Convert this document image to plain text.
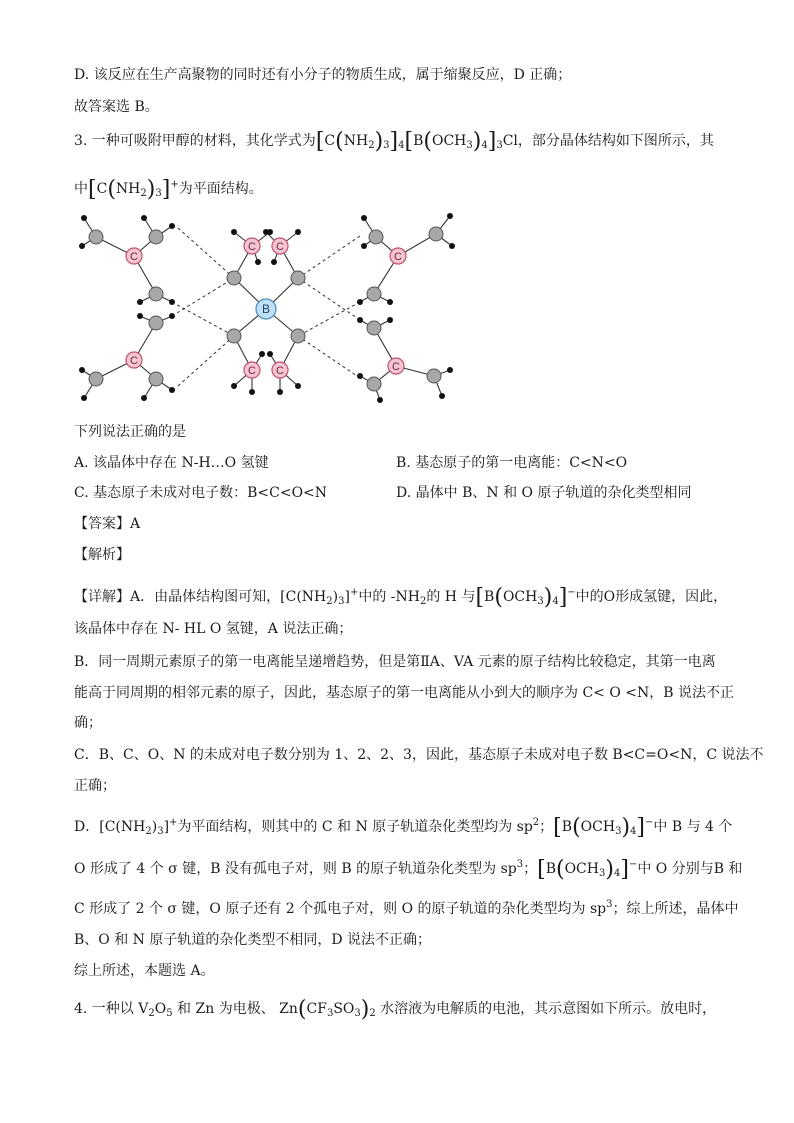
D. 该反应在生产高聚物的同时还有小分子的物质生成，属于缩聚反应，D 正确；
故答案选 B。
3. 一种可吸附甲醇的材料，其化学式为$[C(NH_2)_3]_4[B(OCH_3)_4]_3Cl$，部分晶体结构如下图所示，其
中$[C(NH_2)_3]^+$为平面结构。
C
C
C
C
C C
C C
B
下列说法正确的是
A. 该晶体中存在 N-H…O 氢键	B. 基态原子的第一电离能：C<N<O
C. 基态原子未成对电子数：B<C<O<N	D. 晶体中 B、N 和 O 原子轨道的杂化类型相同
【答案】A
【解析】
【详解】A．由晶体结构图可知，$[C(NH_2)_3]^+$中的 $-NH_2$的 H 与$[B(OCH_3)_4]^-$中的O形成氢键，因此，
该晶体中存在 N- HL O 氢键，A 说法正确；
B．同一周期元素原子的第一电离能呈递增趋势，但是第ⅡA、VA 元素的原子结构比较稳定，其第一电离
能高于同周期的相邻元素的原子，因此，基态原子的第一电离能从小到大的顺序为 C< O <N，B 说法不正
确；
C．B、C、O、N 的未成对电子数分别为 1、2、2、3，因此，基态原子未成对电子数 B<C=O<N，C 说法不
正确；
D．$[C(NH_2)_3]^+$为平面结构，则其中的 C 和 N 原子轨道杂化类型均为 $sp^2$；$[B(OCH_3)_4]^-$中 B 与 4 个
O 形成了 4 个 σ 键，B 没有孤电子对，则 B 的原子轨道杂化类型为 $sp^3$；$[B(OCH_3)_4]^-$中 O 分别与B 和
C 形成了 2 个 σ 键，O 原子还有 2 个孤电子对，则 O 的原子轨道的杂化类型均为 $sp^3$；综上所述，晶体中
B、O 和 N 原子轨道的杂化类型不相同，D 说法不正确；
综上所述，本题选 A。
4. 一种以 $V_2O_5$ 和 Zn 为电极、 $Zn(CF_3SO_3)_2$ 水溶液为电解质的电池，其示意图如下所示。放电时，
